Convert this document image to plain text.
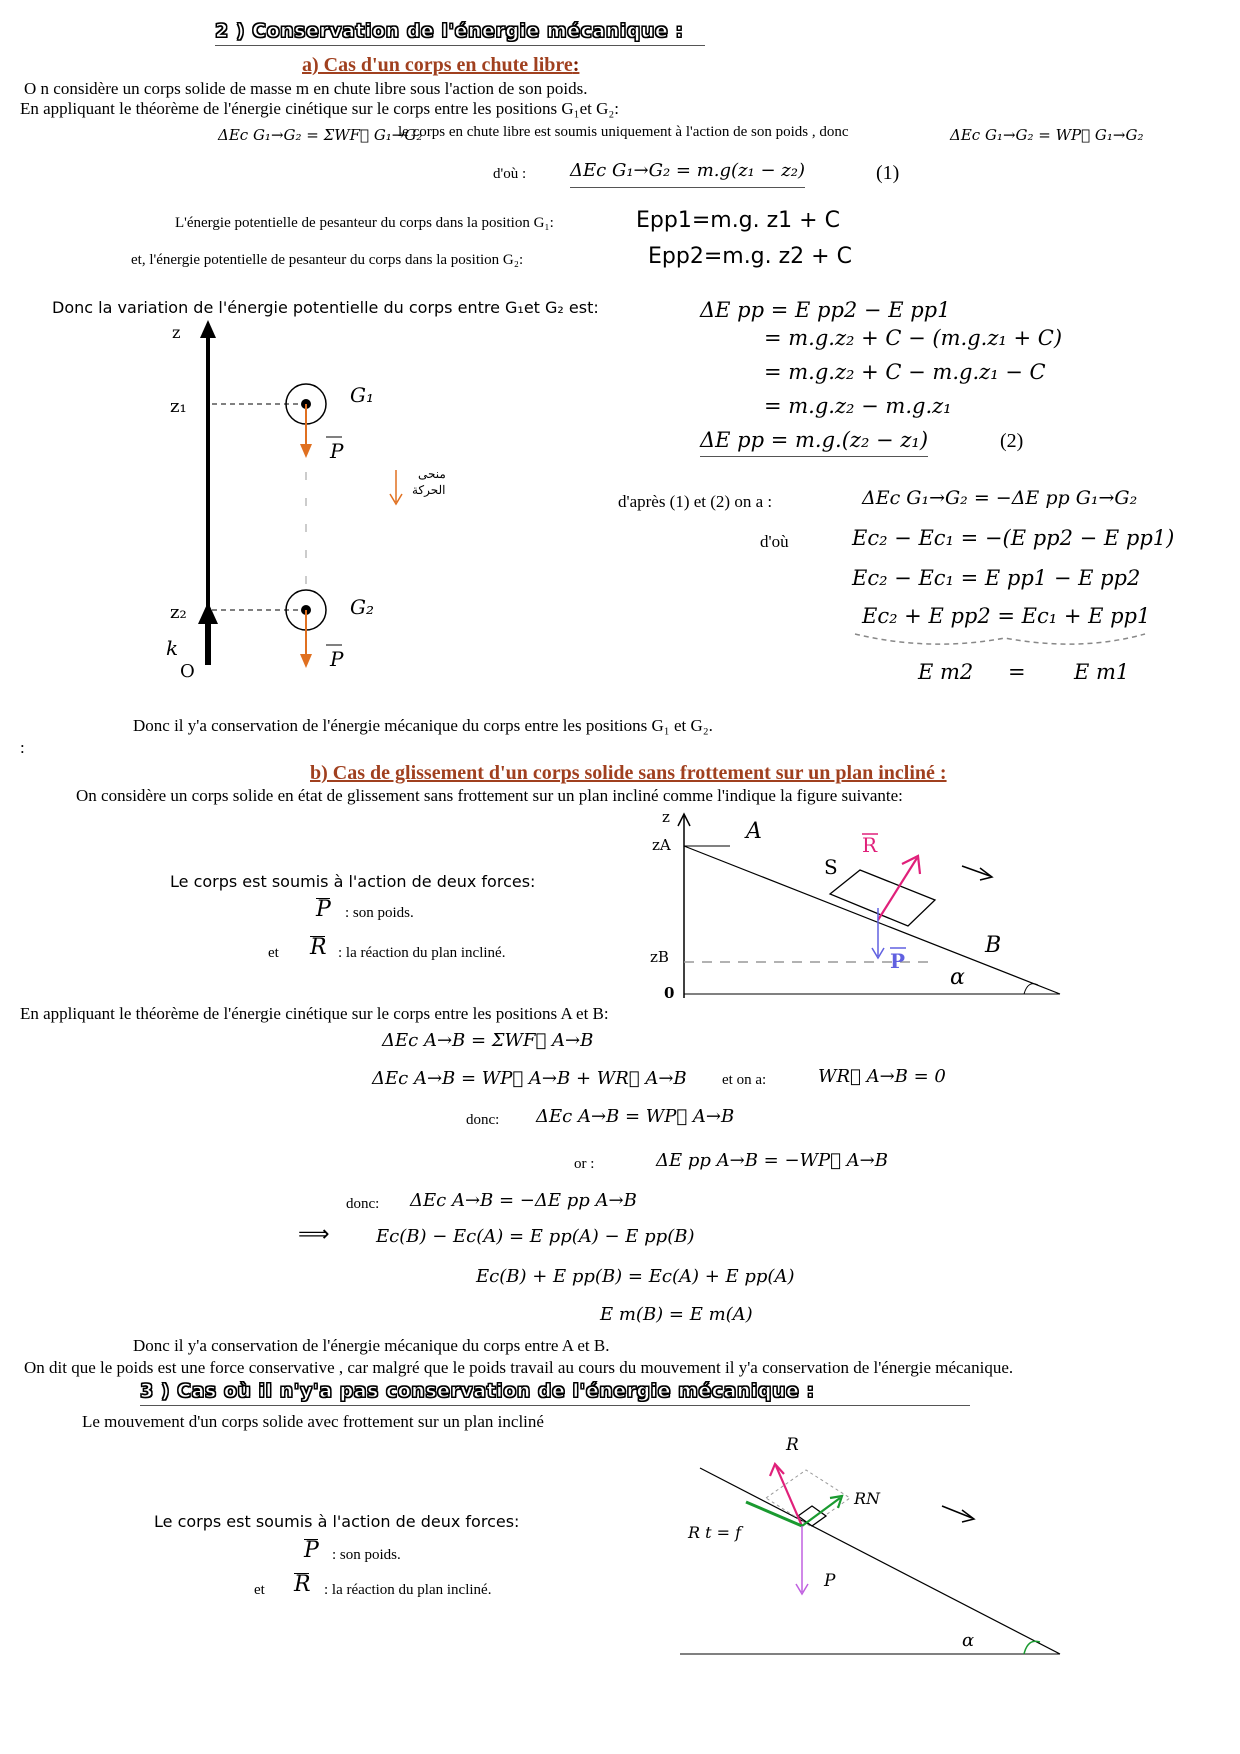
2 ) Conservation de l'énergie mécanique :
a) Cas d'un corps en chute libre:
O n considère un corps solide de masse m en chute libre sous l'action de son poids.
En appliquant le théorème de l'énergie cinétique sur le corps entre les positions G₁et G₂:
ΔEc G₁→G₂ = ΣWF⃗ G₁→G₂
le corps en chute libre est soumis uniquement à l'action de son poids , donc	ΔEc G₁→G₂ = WP⃗ G₁→G₂
d'où : ΔEc G₁→G₂ = m.g(z₁ − z₂)	(1)
L'énergie potentielle de pesanteur du corps dans la position G₁:	Epp1=m.g. z1 + C
et, l'énergie potentielle de pesanteur du corps dans la position G₂:	Epp2=m.g. z2 + C
Donc la variation de l'énergie potentielle du corps entre G₁et G₂ est:	ΔE pp = E pp2 − E pp1
= m.g.z₂ + C − (m.g.z₁ + C)
= m.g.z₂ + C − m.g.z₁ − C
= m.g.z₂ − m.g.z₁
ΔE pp = m.g.(z₂ − z₁)	(2)
d'après (1) et (2) on a :	ΔEc G₁→G₂ = −ΔE pp G₁→G₂
d'où	Ec₂ − Ec₁ = −(E pp2 − E pp1)
Ec₂ − Ec₁ = E pp1 − E pp2
Ec₂ + E pp2 = Ec₁ + E pp1
E m2 = E m1
z
z₁
z₂
k
O
G₁
P
G₂
P
منحى
الحركة
Donc il y'a conservation de l'énergie mécanique du corps entre les positions G₁ et G₂.
:
b) Cas de glissement d'un corps solide sans frottement sur un plan incliné :
On considère un corps solide en état de glissement sans frottement sur un plan incliné comme l'indique la figure suivante:
Le corps est soumis à l'action de deux forces:
P : son poids.
et R : la réaction du plan incliné.
z
zA
zB
0
A
B
α
S
R
P
En appliquant le théorème de l'énergie cinétique sur le corps entre les positions A et B:
ΔEc A→B = ΣWF⃗ A→B
ΔEc A→B = WP⃗ A→B + WR⃗ A→B et on a:	WR⃗ A→B = 0
donc: ΔEc A→B = WP⃗ A→B
or :	ΔE pp A→B = −WP⃗ A→B
donc: ΔEc A→B = −ΔE pp A→B
⟹	Ec(B) − Ec(A) = E pp(A) − E pp(B)
Ec(B) + E pp(B) = Ec(A) + E pp(A)
E m(B) = E m(A)
Donc il y'a conservation de l'énergie mécanique du corps entre A et B.
On dit que le poids est une force conservative , car malgré que le poids travail au cours du mouvement il y'a conservation de l'énergie mécanique.
3 ) Cas où il n'y'a pas conservation de l'énergie mécanique :
Le mouvement d'un corps solide avec frottement sur un plan incliné
Le corps est soumis à l'action de deux forces:
P : son poids.
et R : la réaction du plan incliné.
α
R
RN
R t = f
P
